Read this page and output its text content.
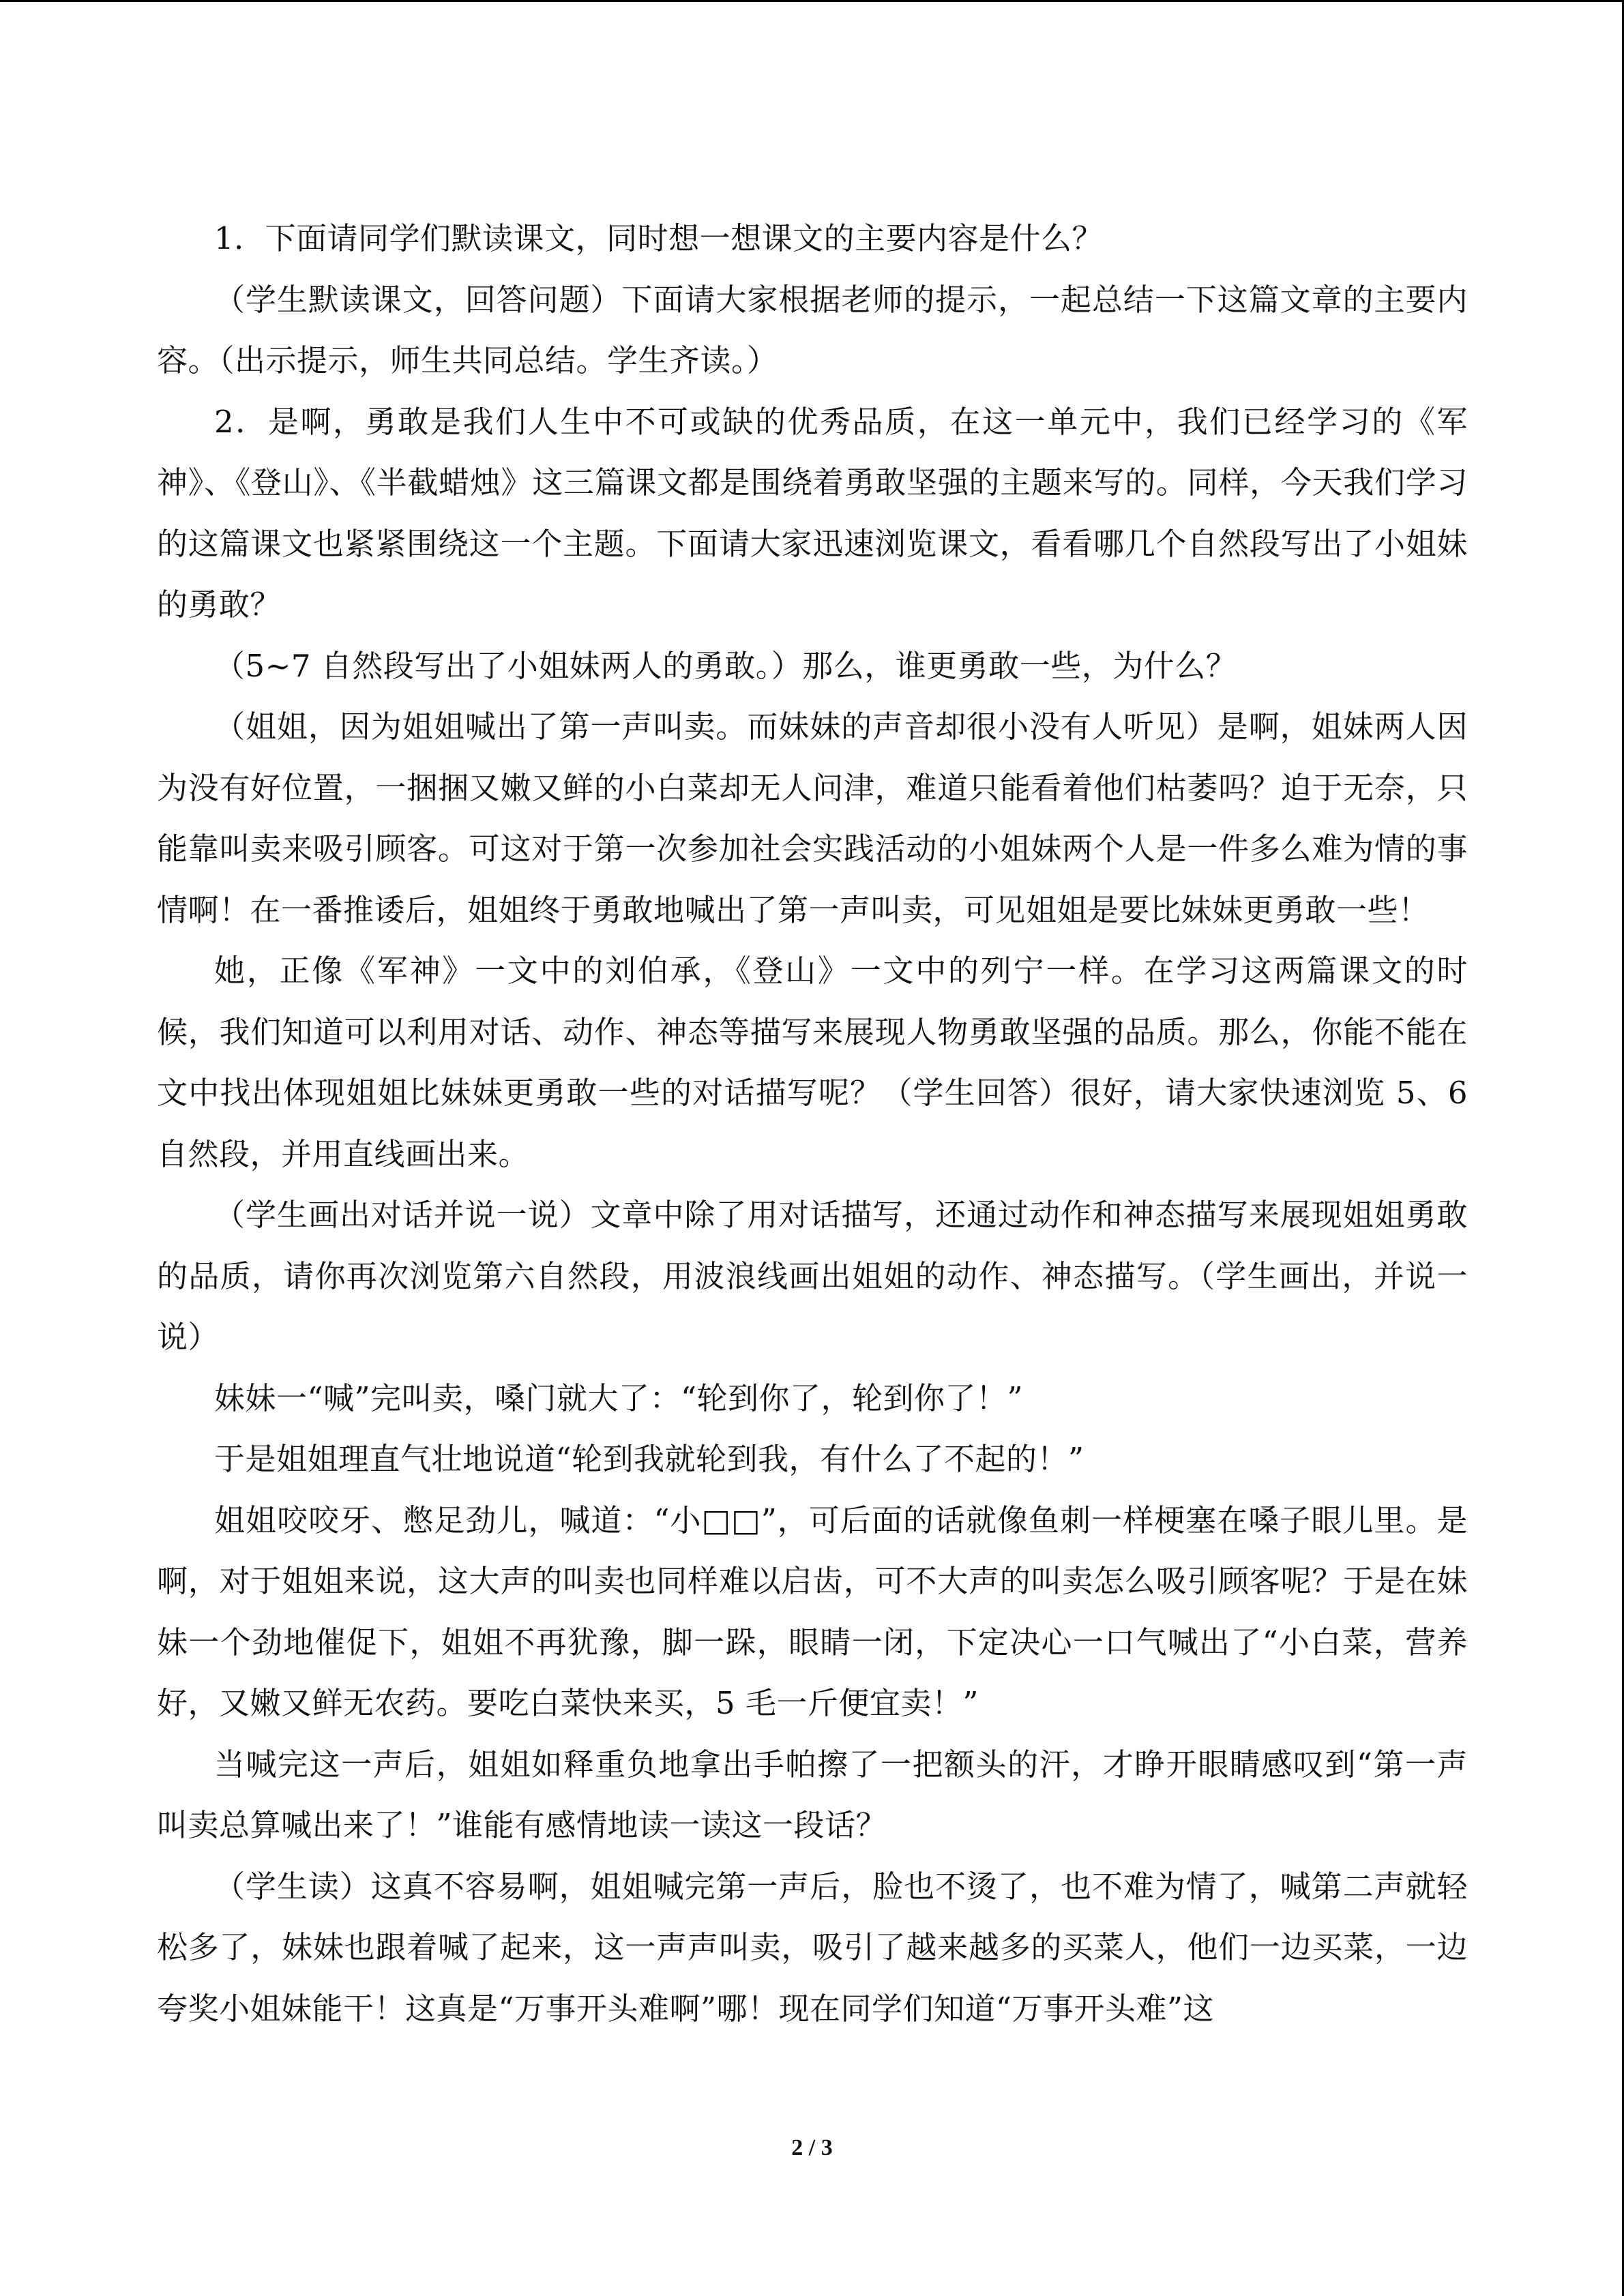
1．下面请同学们默读课文，同时想一想课文的主要内容是什么？

（学生默读课文，回答问题）下面请大家根据老师的提示，一起总结一下这篇文章的主要内容。（出示提示，师生共同总结。学生齐读。）

2．是啊，勇敢是我们人生中不可或缺的优秀品质，在这一单元中，我们已经学习的《军神》、《登山》、《半截蜡烛》这三篇课文都是围绕着勇敢坚强的主题来写的。同样，今天我们学习的这篇课文也紧紧围绕这一个主题。下面请大家迅速浏览课文，看看哪几个自然段写出了小姐妹的勇敢？

（5~7 自然段写出了小姐妹两人的勇敢。）那么，谁更勇敢一些，为什么？

（姐姐，因为姐姐喊出了第一声叫卖。而妹妹的声音却很小没有人听见）是啊，姐妹两人因为没有好位置，一捆捆又嫩又鲜的小白菜却无人问津，难道只能看着他们枯萎吗？迫于无奈，只能靠叫卖来吸引顾客。可这对于第一次参加社会实践活动的小姐妹两个人是一件多么难为情的事情啊！在一番推诿后，姐姐终于勇敢地喊出了第一声叫卖，可见姐姐是要比妹妹更勇敢一些！

她，正像《军神》一文中的刘伯承，《登山》一文中的列宁一样。在学习这两篇课文的时候，我们知道可以利用对话、动作、神态等描写来展现人物勇敢坚强的品质。那么，你能不能在文中找出体现姐姐比妹妹更勇敢一些的对话描写呢？（学生回答）很好，请大家快速浏览 5、6 自然段，并用直线画出来。

（学生画出对话并说一说）文章中除了用对话描写，还通过动作和神态描写来展现姐姐勇敢的品质，请你再次浏览第六自然段，用波浪线画出姐姐的动作、神态描写。（学生画出，并说一说）

妹妹一“喊”完叫卖，嗓门就大了：“轮到你了，轮到你了！”

于是姐姐理直气壮地说道“轮到我就轮到我，有什么了不起的！”

姐姐咬咬牙、憋足劲儿，喊道：“小□□”，可后面的话就像鱼刺一样梗塞在嗓子眼儿里。是啊，对于姐姐来说，这大声的叫卖也同样难以启齿，可不大声的叫卖怎么吸引顾客呢？于是在妹妹一个劲地催促下，姐姐不再犹豫，脚一跺，眼睛一闭，下定决心一口气喊出了“小白菜，营养好，又嫩又鲜无农药。要吃白菜快来买，5 毛一斤便宜卖！”

当喊完这一声后，姐姐如释重负地拿出手帕擦了一把额头的汗，才睁开眼睛感叹到“第一声叫卖总算喊出来了！”谁能有感情地读一读这一段话？

（学生读）这真不容易啊，姐姐喊完第一声后，脸也不烫了，也不难为情了，喊第二声就轻松多了，妹妹也跟着喊了起来，这一声声叫卖，吸引了越来越多的买菜人，他们一边买菜，一边夸奖小姐妹能干！这真是“万事开头难啊”哪！现在同学们知道“万事开头难”这

2 / 3
